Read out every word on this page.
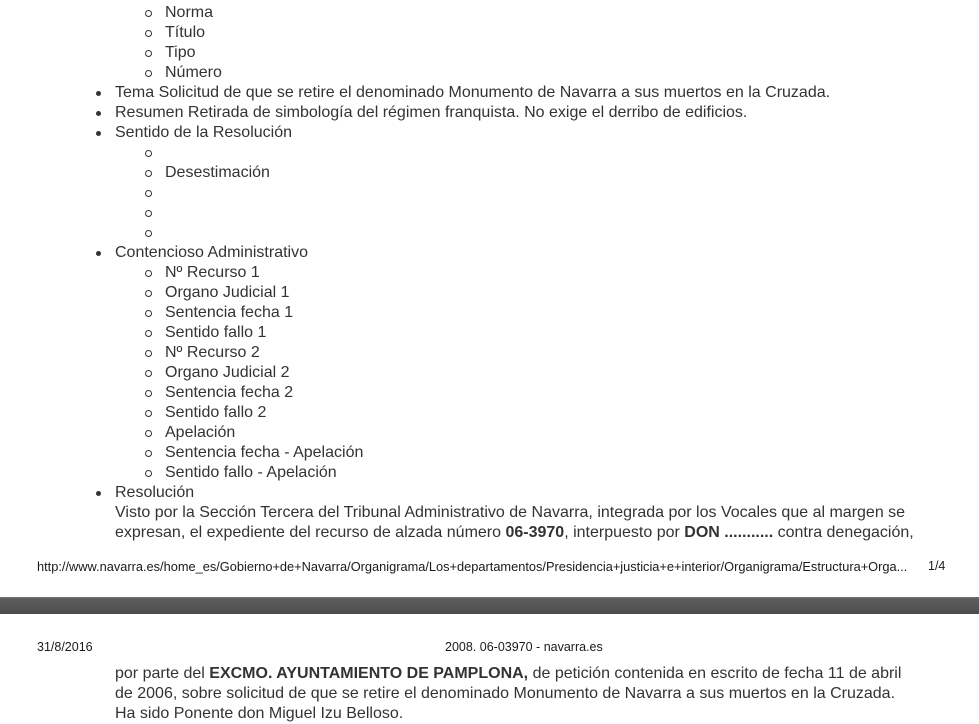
Norma
Título
Tipo
Número
Tema Solicitud de que se retire el denominado Monumento de Navarra a sus muertos en la Cruzada.
Resumen Retirada de simbología del régimen franquista. No exige el derribo de edificios.
Sentido de la Resolución
Desestimación
Contencioso Administrativo
Nº Recurso 1
Organo Judicial 1
Sentencia fecha 1
Sentido fallo 1
Nº Recurso 2
Organo Judicial 2
Sentencia fecha 2
Sentido fallo 2
Apelación
Sentencia fecha - Apelación
Sentido fallo - Apelación
Resolución
Visto por la Sección Tercera del Tribunal Administrativo de Navarra, integrada por los Vocales que al margen se
expresan, el expediente del recurso de alzada número 06-3970, interpuesto por DON ........... contra denegación,
http://www.navarra.es/home_es/Gobierno+de+Navarra/Organigrama/Los+departamentos/Presidencia+justicia+e+interior/Organigrama/Estructura+Orga...	1/4
31/8/2016	2008. 06-03970 - navarra.es
por parte del EXCMO. AYUNTAMIENTO DE PAMPLONA, de petición contenida en escrito de fecha 11 de abril
de 2006, sobre solicitud de que se retire el denominado Monumento de Navarra a sus muertos en la Cruzada.
Ha sido Ponente don Miguel Izu Belloso.
